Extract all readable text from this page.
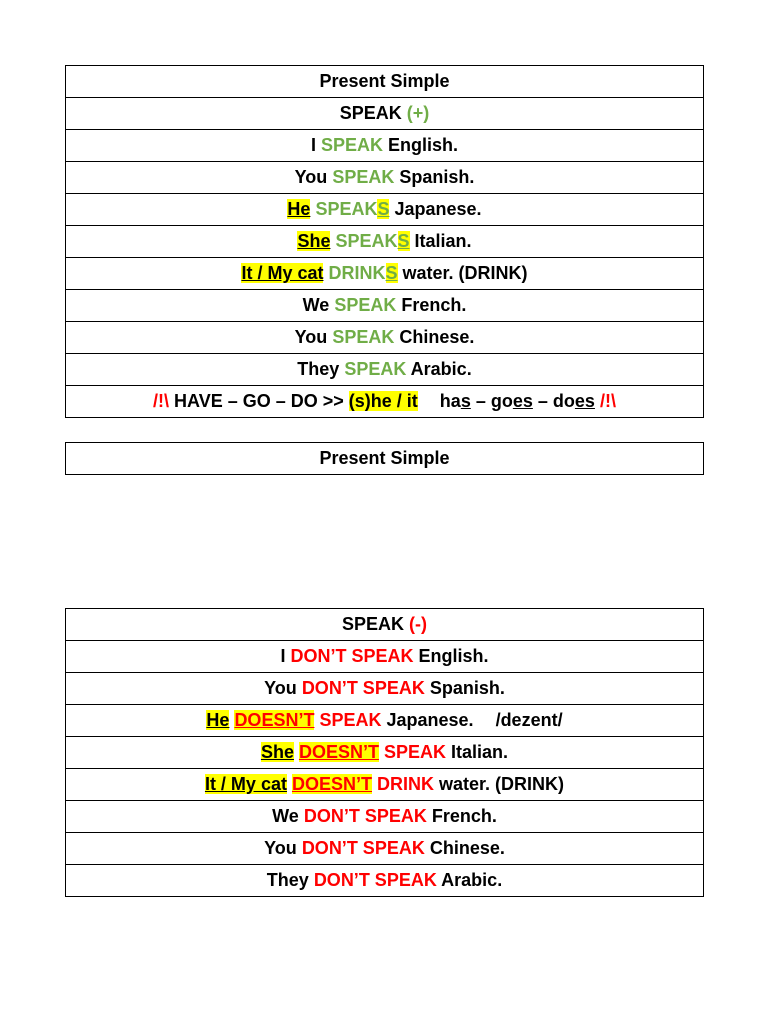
Present Simple
SPEAK (+)
I SPEAK English.
You SPEAK Spanish.
He SPEAKS Japanese.
She SPEAKS Italian.
It / My cat DRINKS water. (DRINK)
We SPEAK French.
You SPEAK Chinese.
They SPEAK Arabic.
/!\ HAVE – GO – DO >> (s)he / it has – goes – does /!\
Present Simple
SPEAK (-)
I DON’T SPEAK English.
You DON’T SPEAK Spanish.
He DOESN’T SPEAK Japanese. /dezent/
She DOESN’T SPEAK Italian.
It / My cat DOESN’T DRINK water. (DRINK)
We DON’T SPEAK French.
You DON’T SPEAK Chinese.
They DON’T SPEAK Arabic.
